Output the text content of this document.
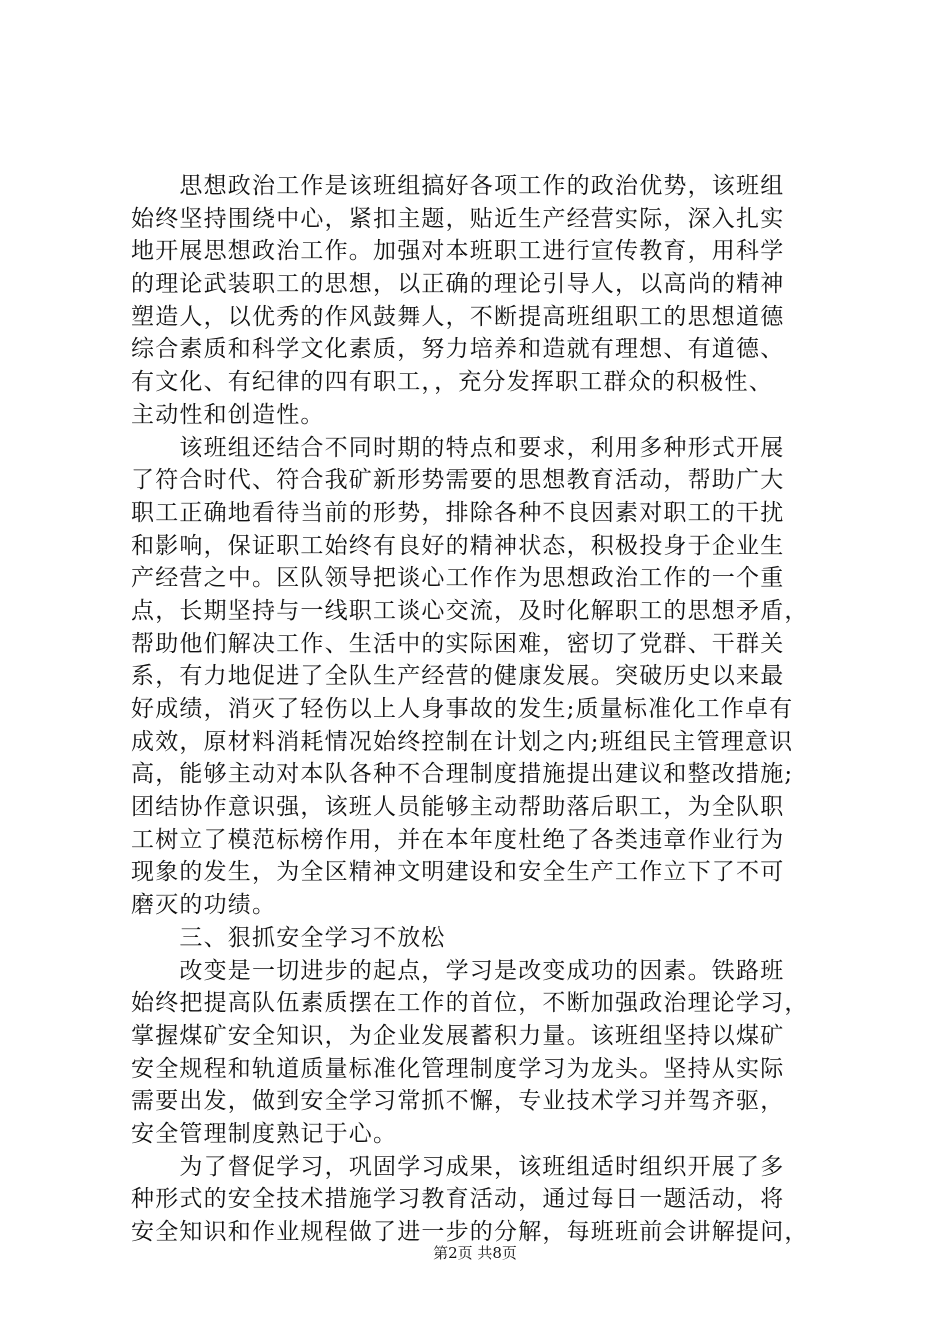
　　思想政治工作是该班组搞好各项工作的政治优势，该班组
始终坚持围绕中心，紧扣主题，贴近生产经营实际，深入扎实
地开展思想政治工作。加强对本班职工进行宣传教育，用科学
的理论武装职工的思想，以正确的理论引导人，以高尚的精神
塑造人，以优秀的作风鼓舞人，不断提高班组职工的思想道德
综合素质和科学文化素质，努力培养和造就有理想、有道德、
有文化、有纪律的四有职工，，充分发挥职工群众的积极性、
主动性和创造性。
　　该班组还结合不同时期的特点和要求，利用多种形式开展
了符合时代、符合我矿新形势需要的思想教育活动，帮助广大
职工正确地看待当前的形势，排除各种不良因素对职工的干扰
和影响，保证职工始终有良好的精神状态，积极投身于企业生
产经营之中。区队领导把谈心工作作为思想政治工作的一个重
点，长期坚持与一线职工谈心交流，及时化解职工的思想矛盾，
帮助他们解决工作、生活中的实际困难，密切了党群、干群关
系，有力地促进了全队生产经营的健康发展。突破历史以来最
好成绩，消灭了轻伤以上人身事故的发生;质量标准化工作卓有
成效，原材料消耗情况始终控制在计划之内;班组民主管理意识
高，能够主动对本队各种不合理制度措施提出建议和整改措施;
团结协作意识强，该班人员能够主动帮助落后职工，为全队职
工树立了模范标榜作用，并在本年度杜绝了各类违章作业行为
现象的发生，为全区精神文明建设和安全生产工作立下了不可
磨灭的功绩。
　　三、狠抓安全学习不放松
　　改变是一切进步的起点，学习是改变成功的因素。铁路班
始终把提高队伍素质摆在工作的首位，不断加强政治理论学习，
掌握煤矿安全知识，为企业发展蓄积力量。该班组坚持以煤矿
安全规程和轨道质量标准化管理制度学习为龙头。坚持从实际
需要出发，做到安全学习常抓不懈，专业技术学习并驾齐驱，
安全管理制度熟记于心。
　　为了督促学习，巩固学习成果，该班组适时组织开展了多
种形式的安全技术措施学习教育活动，通过每日一题活动，将
安全知识和作业规程做了进一步的分解，每班班前会讲解提问，
第2页 共8页
